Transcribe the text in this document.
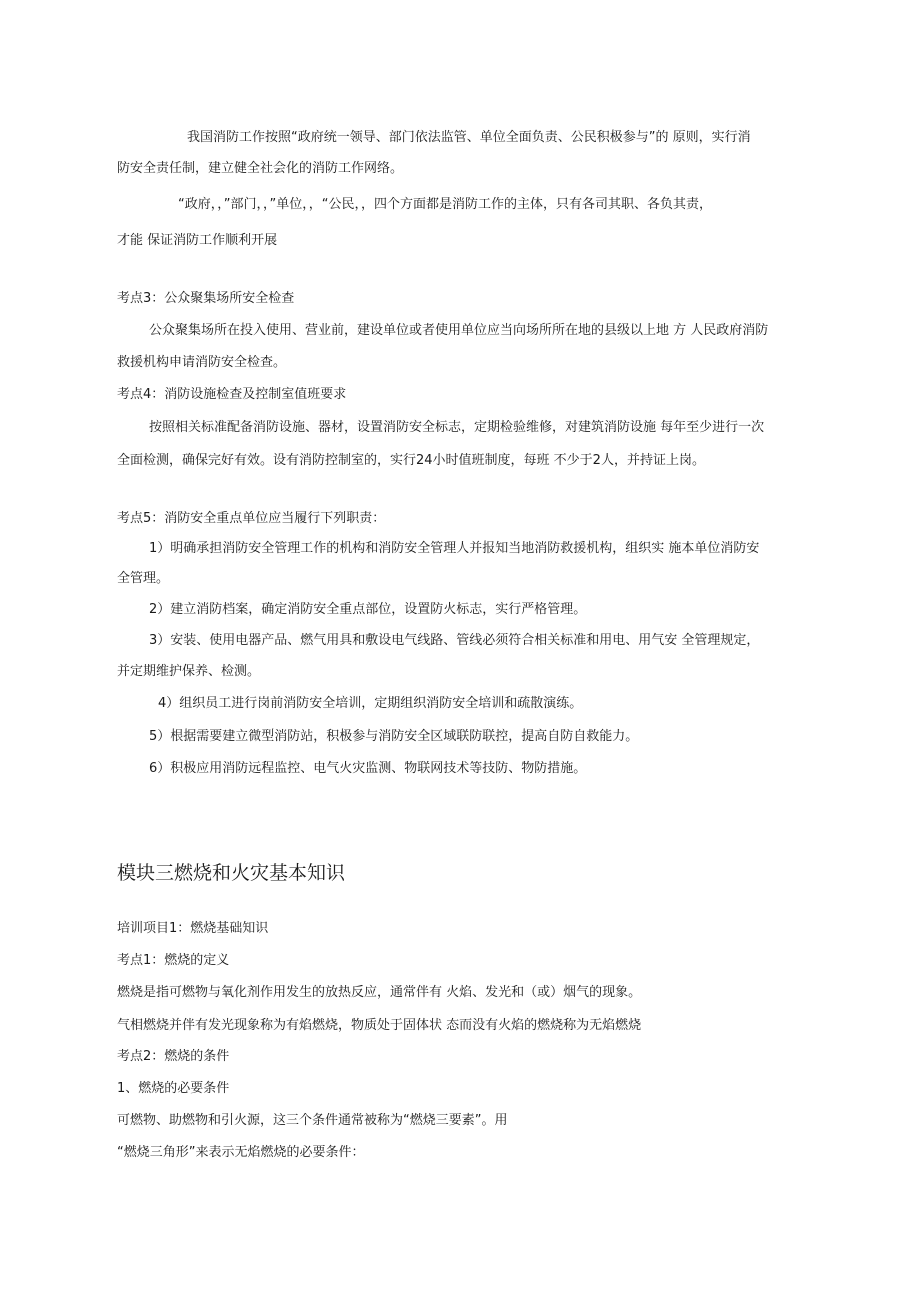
我国消防工作按照“政府统一领导、部门依法监管、单位全面负责、公民积极参与”的 原则，实行消
防安全责任制，建立健全社会化的消防工作网络。
“政府，，”部门，，”单位，，“公民，，四个方面都是消防工作的主体，只有各司其职、各负其责，
才能 保证消防工作顺利开展
考点3：公众聚集场所安全检查
公众聚集场所在投入使用、营业前，建设单位或者使用单位应当向场所所在地的县级以上地 方 人民政府消防
救援机构申请消防安全检查。
考点4：消防设施检查及控制室值班要求
按照相关标准配备消防设施、器材，设置消防安全标志，定期检验维修，对建筑消防设施 每年至少进行一次
全面检测，确保完好有效。设有消防控制室的，实行24小时值班制度，每班 不少于2人，并持证上岗。
考点5：消防安全重点单位应当履行下列职责：
1）明确承担消防安全管理工作的机构和消防安全管理人并报知当地消防救援机构，组织实 施本单位消防安
全管理。
2）建立消防档案，确定消防安全重点部位，设置防火标志，实行严格管理。
3）安装、使用电器产品、燃气用具和敷设电气线路、管线必须符合相关标准和用电、用气安 全管理规定，
并定期维护保养、检测。
4）组织员工进行岗前消防安全培训，定期组织消防安全培训和疏散演练。
5）根据需要建立微型消防站，积极参与消防安全区域联防联控，提高自防自救能力。
6）积极应用消防远程监控、电气火灾监测、物联网技术等技防、物防措施。
模块三燃烧和火灾基本知识
培训项目1：燃烧基础知识
考点1：燃烧的定义
燃烧是指可燃物与氧化剂作用发生的放热反应，通常伴有 火焰、发光和（或）烟气的现象。
气相燃烧并伴有发光现象称为有焰燃烧，物质处于固体状 态而没有火焰的燃烧称为无焰燃烧
考点2：燃烧的条件
1、燃烧的必要条件
可燃物、助燃物和引火源，这三个条件通常被称为“燃烧三要素”。用
“燃烧三角形”来表示无焰燃烧的必要条件：
